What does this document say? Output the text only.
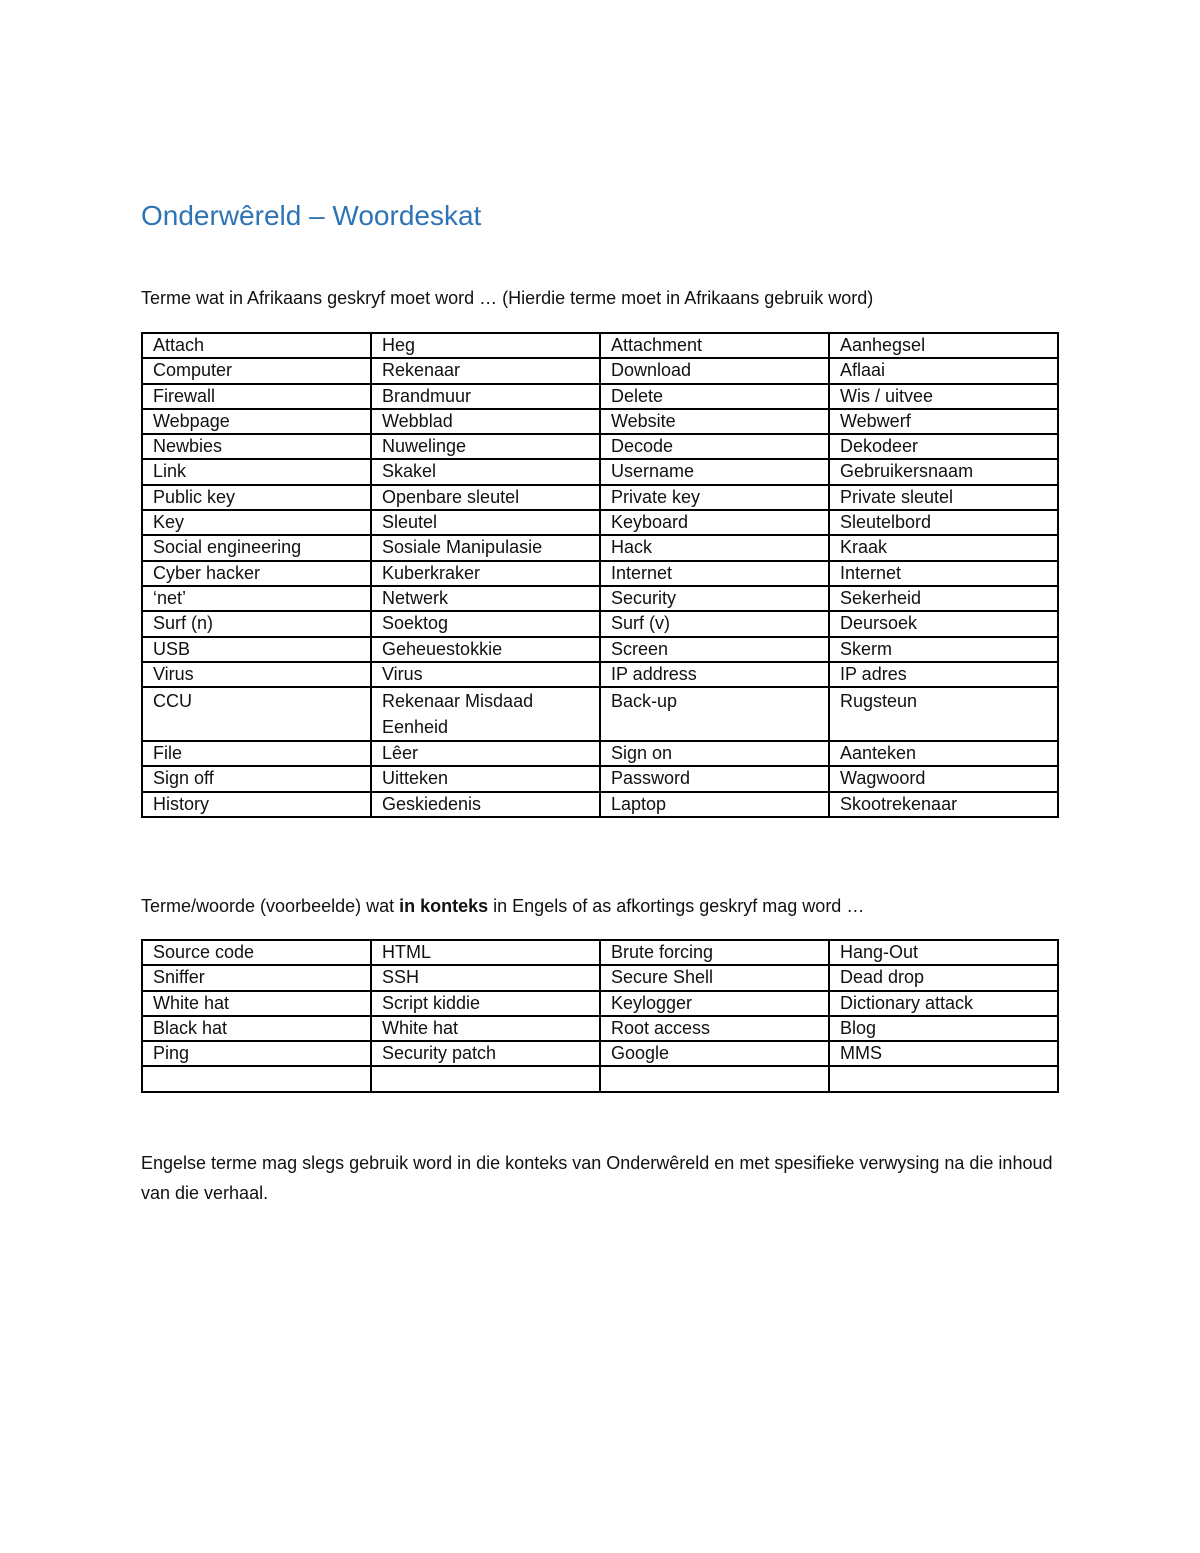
Onderwêreld – Woordeskat

Terme wat in Afrikaans geskryf moet word … (Hierdie terme moet in Afrikaans gebruik word)

Attach	Heg	Attachment	Aanhegsel
Computer	Rekenaar	Download	Aflaai
Firewall	Brandmuur	Delete	Wis / uitvee
Webpage	Webblad	Website	Webwerf
Newbies	Nuwelinge	Decode	Dekodeer
Link	Skakel	Username	Gebruikersnaam
Public key	Openbare sleutel	Private key	Private sleutel
Key	Sleutel	Keyboard	Sleutelbord
Social engineering	Sosiale Manipulasie	Hack	Kraak
Cyber hacker	Kuberkraker	Internet	Internet
‘net’	Netwerk	Security	Sekerheid
Surf (n)	Soektog	Surf (v)	Deursoek
USB	Geheuestokkie	Screen	Skerm
Virus	Virus	IP address	IP adres
CCU	Rekenaar Misdaad Eenheid	Back-up	Rugsteun
File	Lêer	Sign on	Aanteken
Sign off	Uitteken	Password	Wagwoord
History	Geskiedenis	Laptop	Skootrekenaar

Terme/woorde (voorbeelde) wat in konteks in Engels of as afkortings geskryf mag word …

Source code	HTML	Brute forcing	Hang-Out
Sniffer	SSH	Secure Shell	Dead drop
White hat	Script kiddie	Keylogger	Dictionary attack
Black hat	White hat	Root access	Blog
Ping	Security patch	Google	MMS

Engelse terme mag slegs gebruik word in die konteks van Onderwêreld en met spesifieke verwysing na die inhoud van die verhaal.
